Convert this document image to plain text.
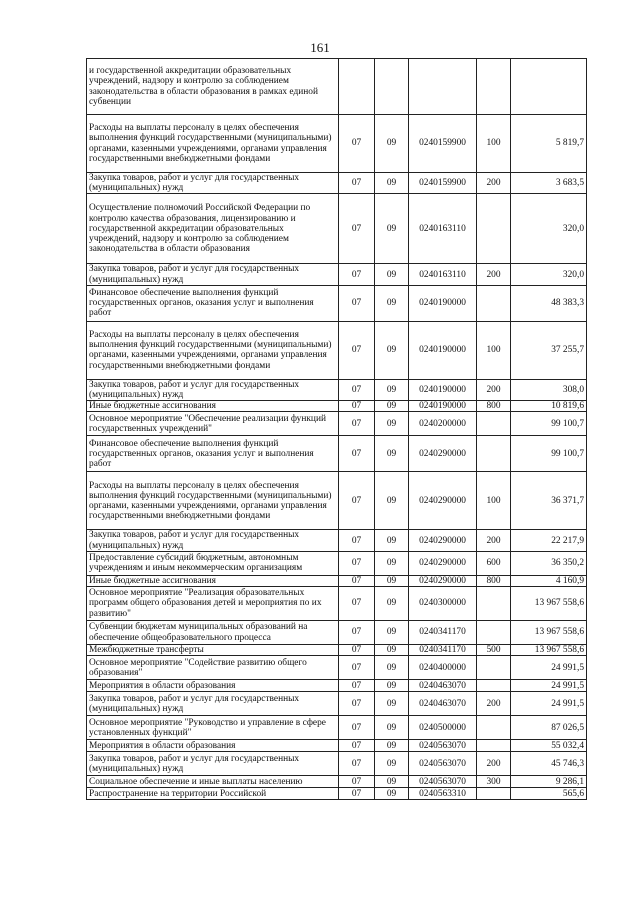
161
и государственной аккредитации образовательных учреждений, надзору и контролю за соблюдением законодательства в области образования в рамках единой субвенции					
Расходы на выплаты персоналу в целях обеспечения выполнения функций государственными (муниципальными) органами, казенными учреждениями, органами управления государственными внебюджетными фондами	07	09	0240159900	100	5 819,7
Закупка товаров, работ и услуг для государственных (муниципальных) нужд	07	09	0240159900	200	3 683,5
Осуществление полномочий Российской Федерации по контролю качества образования, лицензированию и государственной аккредитации образовательных учреждений, надзору и контролю за соблюдением законодательства в области образования	07	09	0240163110		320,0
Закупка товаров, работ и услуг для государственных (муниципальных) нужд	07	09	0240163110	200	320,0
Финансовое обеспечение выполнения функций государственных органов, оказания услуг и выполнения работ	07	09	0240190000		48 383,3
Расходы на выплаты персоналу в целях обеспечения выполнения функций государственными (муниципальными) органами, казенными учреждениями, органами управления государственными внебюджетными фондами	07	09	0240190000	100	37 255,7
Закупка товаров, работ и услуг для государственных (муниципальных) нужд	07	09	0240190000	200	308,0
Иные бюджетные ассигнования	07	09	0240190000	800	10 819,6
Основное мероприятие "Обеспечение реализации функций государственных учреждений"	07	09	0240200000		99 100,7
Финансовое обеспечение выполнения функций государственных органов, оказания услуг и выполнения работ	07	09	0240290000		99 100,7
Расходы на выплаты персоналу в целях обеспечения выполнения функций государственными (муниципальными) органами, казенными учреждениями, органами управления государственными внебюджетными фондами	07	09	0240290000	100	36 371,7
Закупка товаров, работ и услуг для государственных (муниципальных) нужд	07	09	0240290000	200	22 217,9
Предоставление субсидий бюджетным, автономным учреждениям и иным некоммерческим организациям	07	09	0240290000	600	36 350,2
Иные бюджетные ассигнования	07	09	0240290000	800	4 160,9
Основное мероприятие "Реализация образовательных программ общего образования детей и мероприятия по их развитию"	07	09	0240300000		13 967 558,6
Субвенции бюджетам муниципальных образований на обеспечение общеобразовательного процесса	07	09	0240341170		13 967 558,6
Межбюджетные трансферты	07	09	0240341170	500	13 967 558,6
Основное мероприятие "Содействие развитию общего образования"	07	09	0240400000		24 991,5
Мероприятия в области образования	07	09	0240463070		24 991,5
Закупка товаров, работ и услуг для государственных (муниципальных) нужд	07	09	0240463070	200	24 991,5
Основное мероприятие "Руководство и управление в сфере установленных функций"	07	09	0240500000		87 026,5
Мероприятия в области образования	07	09	0240563070		55 032,4
Закупка товаров, работ и услуг для государственных (муниципальных) нужд	07	09	0240563070	200	45 746,3
Социальное обеспечение и иные выплаты населению	07	09	0240563070	300	9 286,1
Распространение на территории Российской	07	09	0240563310		565,6
